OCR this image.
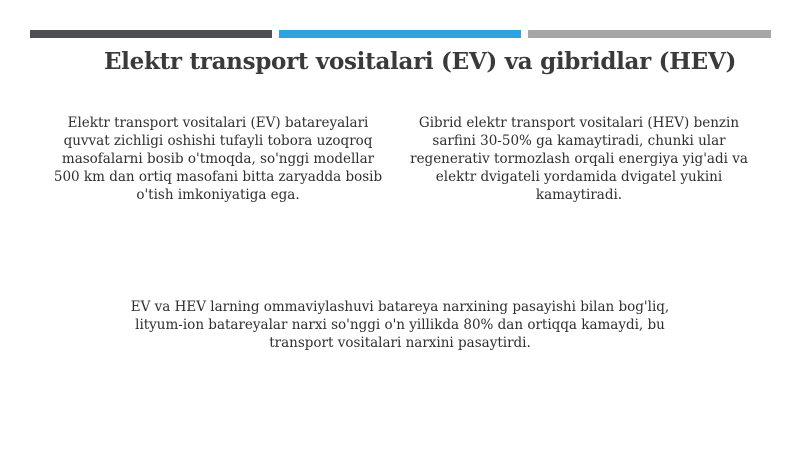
Elektr transport vositalari (EV) va gibridlar (HEV)
Elektr transport vositalari (EV) batareyalari quvvat zichligi oshishi tufayli tobora uzoqroq masofalarni bosib o'tmoqda, so'nggi modellar 500 km dan ortiq masofani bitta zaryadda bosib o'tish imkoniyatiga ega.
Gibrid elektr transport vositalari (HEV) benzin sarfini 30-50% ga kamaytiradi, chunki ular regenerativ tormozlash orqali energiya yig'adi va elektr dvigateli yordamida dvigatel yukini kamaytiradi.
EV va HEV larning ommaviylashuvi batareya narxining pasayishi bilan bog'liq, lityum-ion batareyalar narxi so'nggi o'n yillikda 80% dan ortiqqa kamaydi, bu transport vositalari narxini pasaytirdi.
